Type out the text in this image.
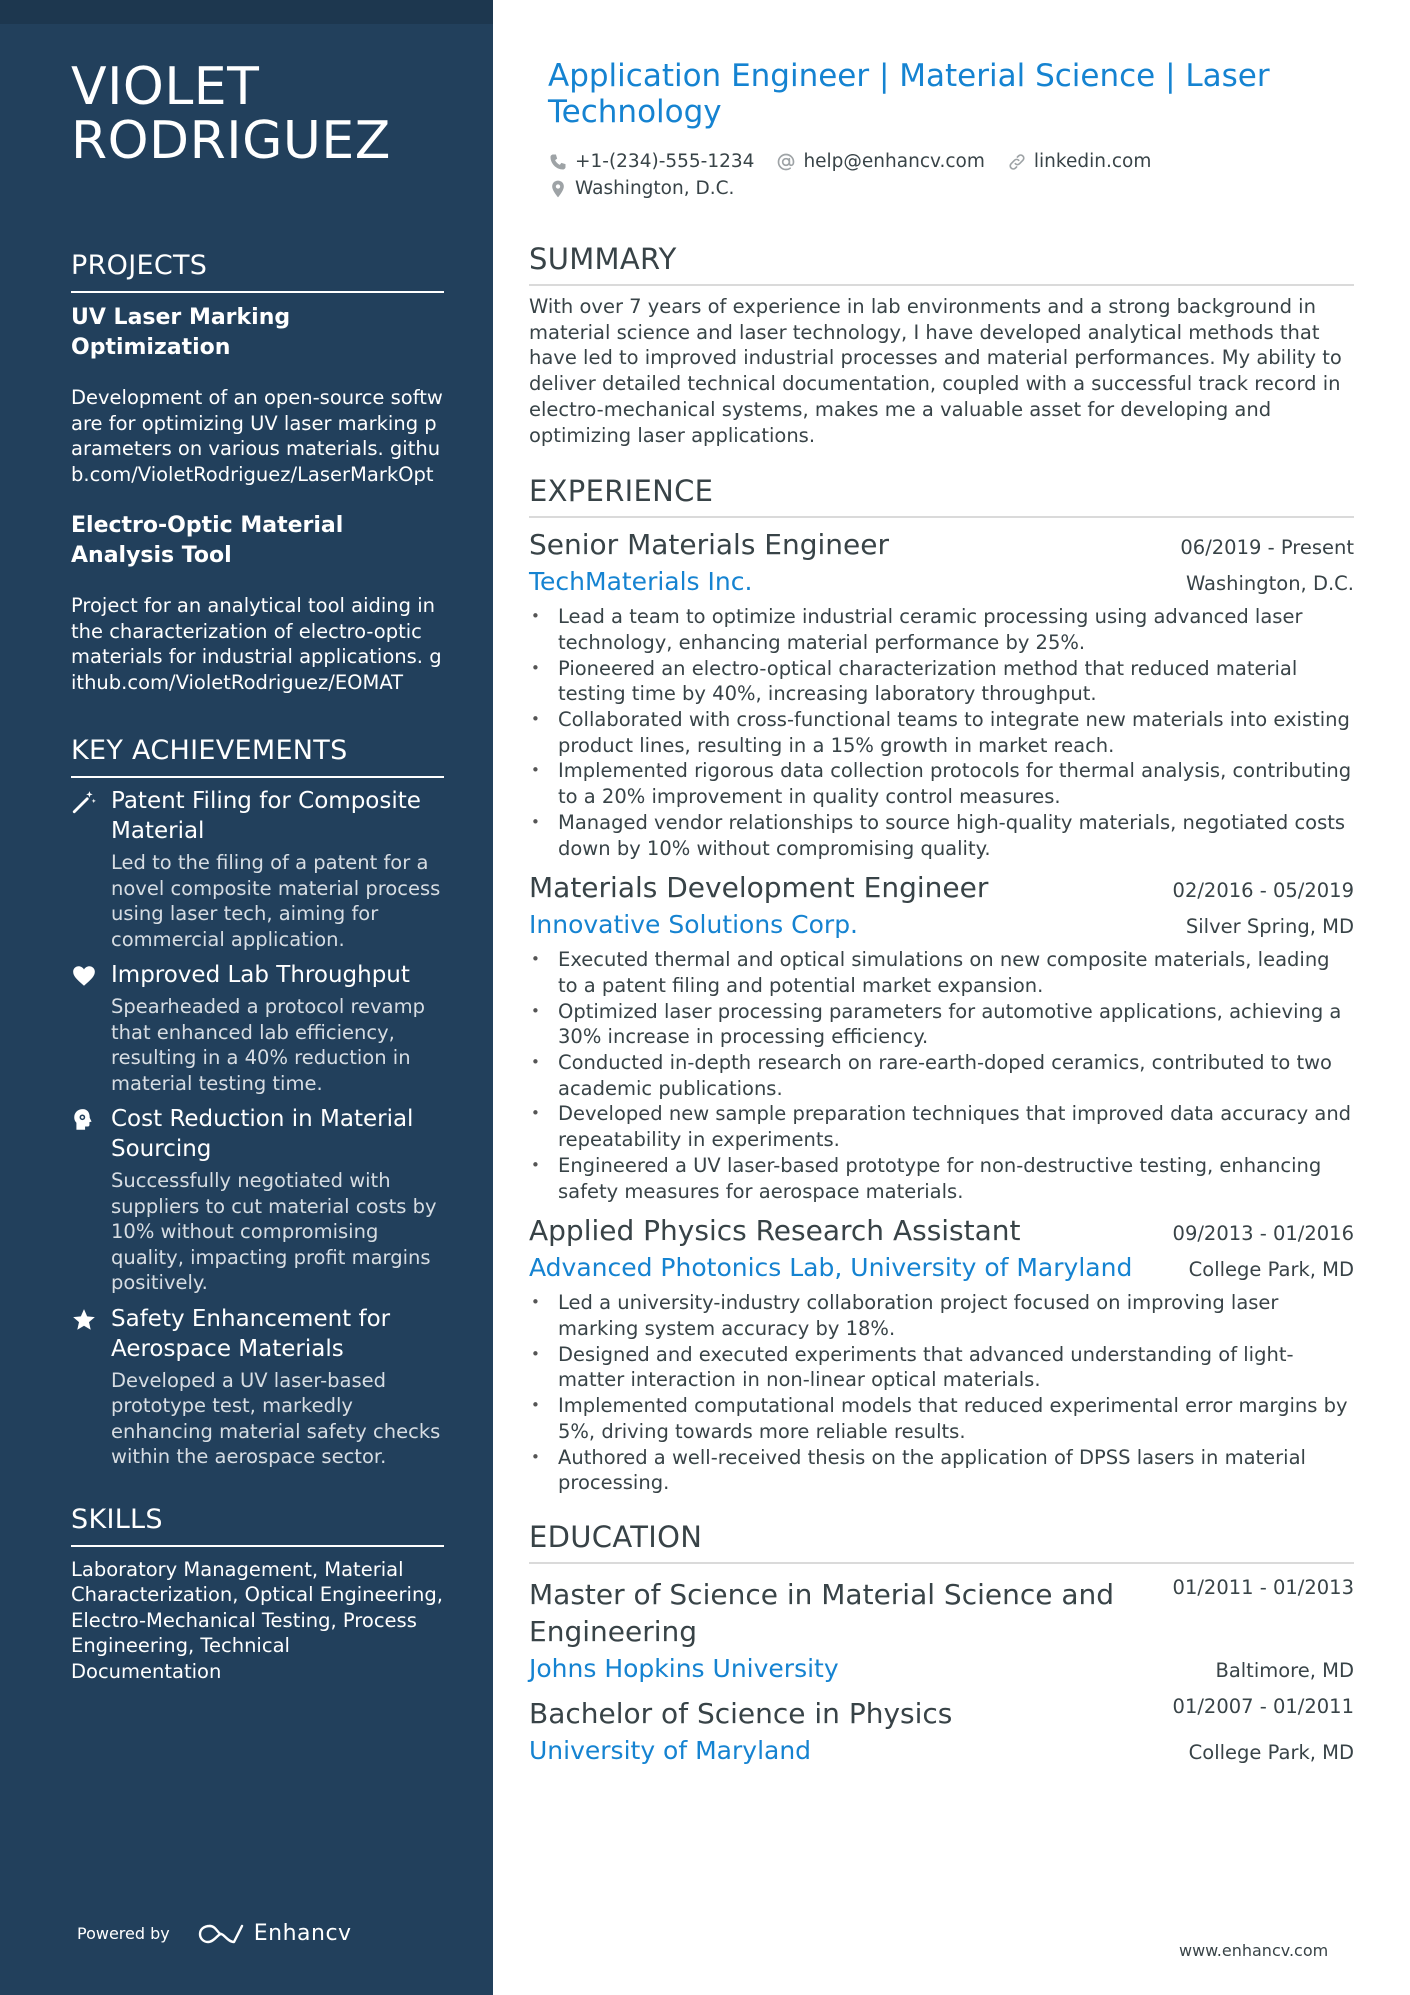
VIOLET RODRIGUEZ
PROJECTS
UV Laser Marking Optimization
Development of an open-source software for optimizing UV laser marking parameters on various materials. github.com/VioletRodriguez/LaserMarkOpt
Electro-Optic Material Analysis Tool
Project for an analytical tool aiding in the characterization of electro-optic materials for industrial applications. github.com/VioletRodriguez/EOMAT
KEY ACHIEVEMENTS
Patent Filing for Composite Material
Led to the filing of a patent for a novel composite material process using laser tech, aiming for commercial application.
Improved Lab Throughput
Spearheaded a protocol revamp that enhanced lab efficiency, resulting in a 40% reduction in material testing time.
Cost Reduction in Material Sourcing
Successfully negotiated with suppliers to cut material costs by 10% without compromising quality, impacting profit margins positively.
Safety Enhancement for Aerospace Materials
Developed a UV laser-based prototype test, markedly enhancing material safety checks within the aerospace sector.
SKILLS
Laboratory Management, Material Characterization, Optical Engineering, Electro-Mechanical Testing, Process Engineering, Technical Documentation
Powered by	Enhancv
Application Engineer | Material Science | Laser Technology
+1-(234)-555-1234	help@enhancv.com	linkedin.com
Washington, D.C.
SUMMARY
With over 7 years of experience in lab environments and a strong background in material science and laser technology, I have developed analytical methods that have led to improved industrial processes and material performances. My ability to deliver detailed technical documentation, coupled with a successful track record in electro-mechanical systems, makes me a valuable asset for developing and optimizing laser applications.
EXPERIENCE
Senior Materials Engineer	06/2019 - Present
TechMaterials Inc.	Washington, D.C.
• Lead a team to optimize industrial ceramic processing using advanced laser technology, enhancing material performance by 25%.
• Pioneered an electro-optical characterization method that reduced material testing time by 40%, increasing laboratory throughput.
• Collaborated with cross-functional teams to integrate new materials into existing product lines, resulting in a 15% growth in market reach.
• Implemented rigorous data collection protocols for thermal analysis, contributing to a 20% improvement in quality control measures.
• Managed vendor relationships to source high-quality materials, negotiated costs down by 10% without compromising quality.
Materials Development Engineer	02/2016 - 05/2019
Innovative Solutions Corp.	Silver Spring, MD
• Executed thermal and optical simulations on new composite materials, leading to a patent filing and potential market expansion.
• Optimized laser processing parameters for automotive applications, achieving a 30% increase in processing efficiency.
• Conducted in-depth research on rare-earth-doped ceramics, contributed to two academic publications.
• Developed new sample preparation techniques that improved data accuracy and repeatability in experiments.
• Engineered a UV laser-based prototype for non-destructive testing, enhancing safety measures for aerospace materials.
Applied Physics Research Assistant	09/2013 - 01/2016
Advanced Photonics Lab, University of Maryland	College Park, MD
• Led a university-industry collaboration project focused on improving laser marking system accuracy by 18%.
• Designed and executed experiments that advanced understanding of light-matter interaction in non-linear optical materials.
• Implemented computational models that reduced experimental error margins by 5%, driving towards more reliable results.
• Authored a well-received thesis on the application of DPSS lasers in material processing.
EDUCATION
Master of Science in Material Science and Engineering
01/2011 - 01/2013
Johns Hopkins University	Baltimore, MD
Bachelor of Science in Physics	01/2007 - 01/2011
University of Maryland	College Park, MD
www.enhancv.com
